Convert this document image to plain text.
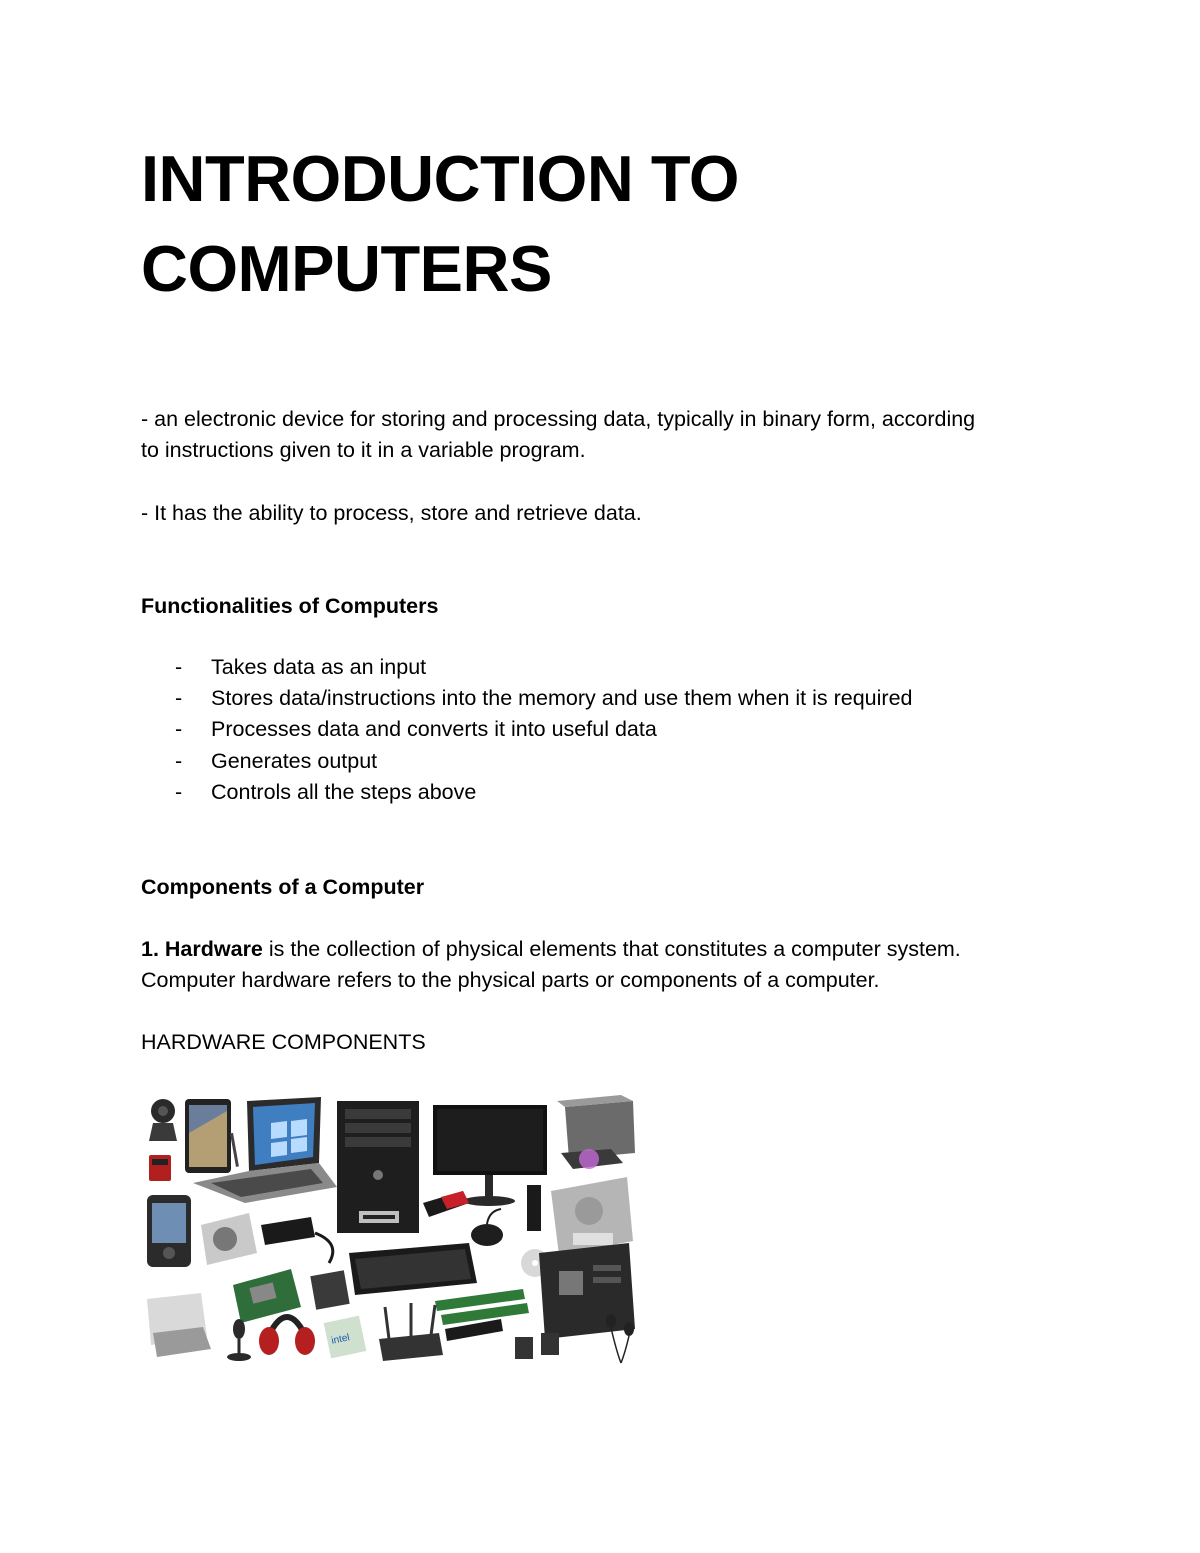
INTRODUCTION TO
COMPUTERS

- an electronic device for storing and processing data, typically in binary form, according
to instructions given to it in a variable program.

- It has the ability to process, store and retrieve data.

Functionalities of Computers
- Takes data as an input
- Stores data/instructions into the memory and use them when it is required
- Processes data and converts it into useful data
- Generates output
- Controls all the steps above
Components of a Computer

1. Hardware is the collection of physical elements that constitutes a computer system.
Computer hardware refers to the physical parts or components of a computer.

HARDWARE COMPONENTS

intel
